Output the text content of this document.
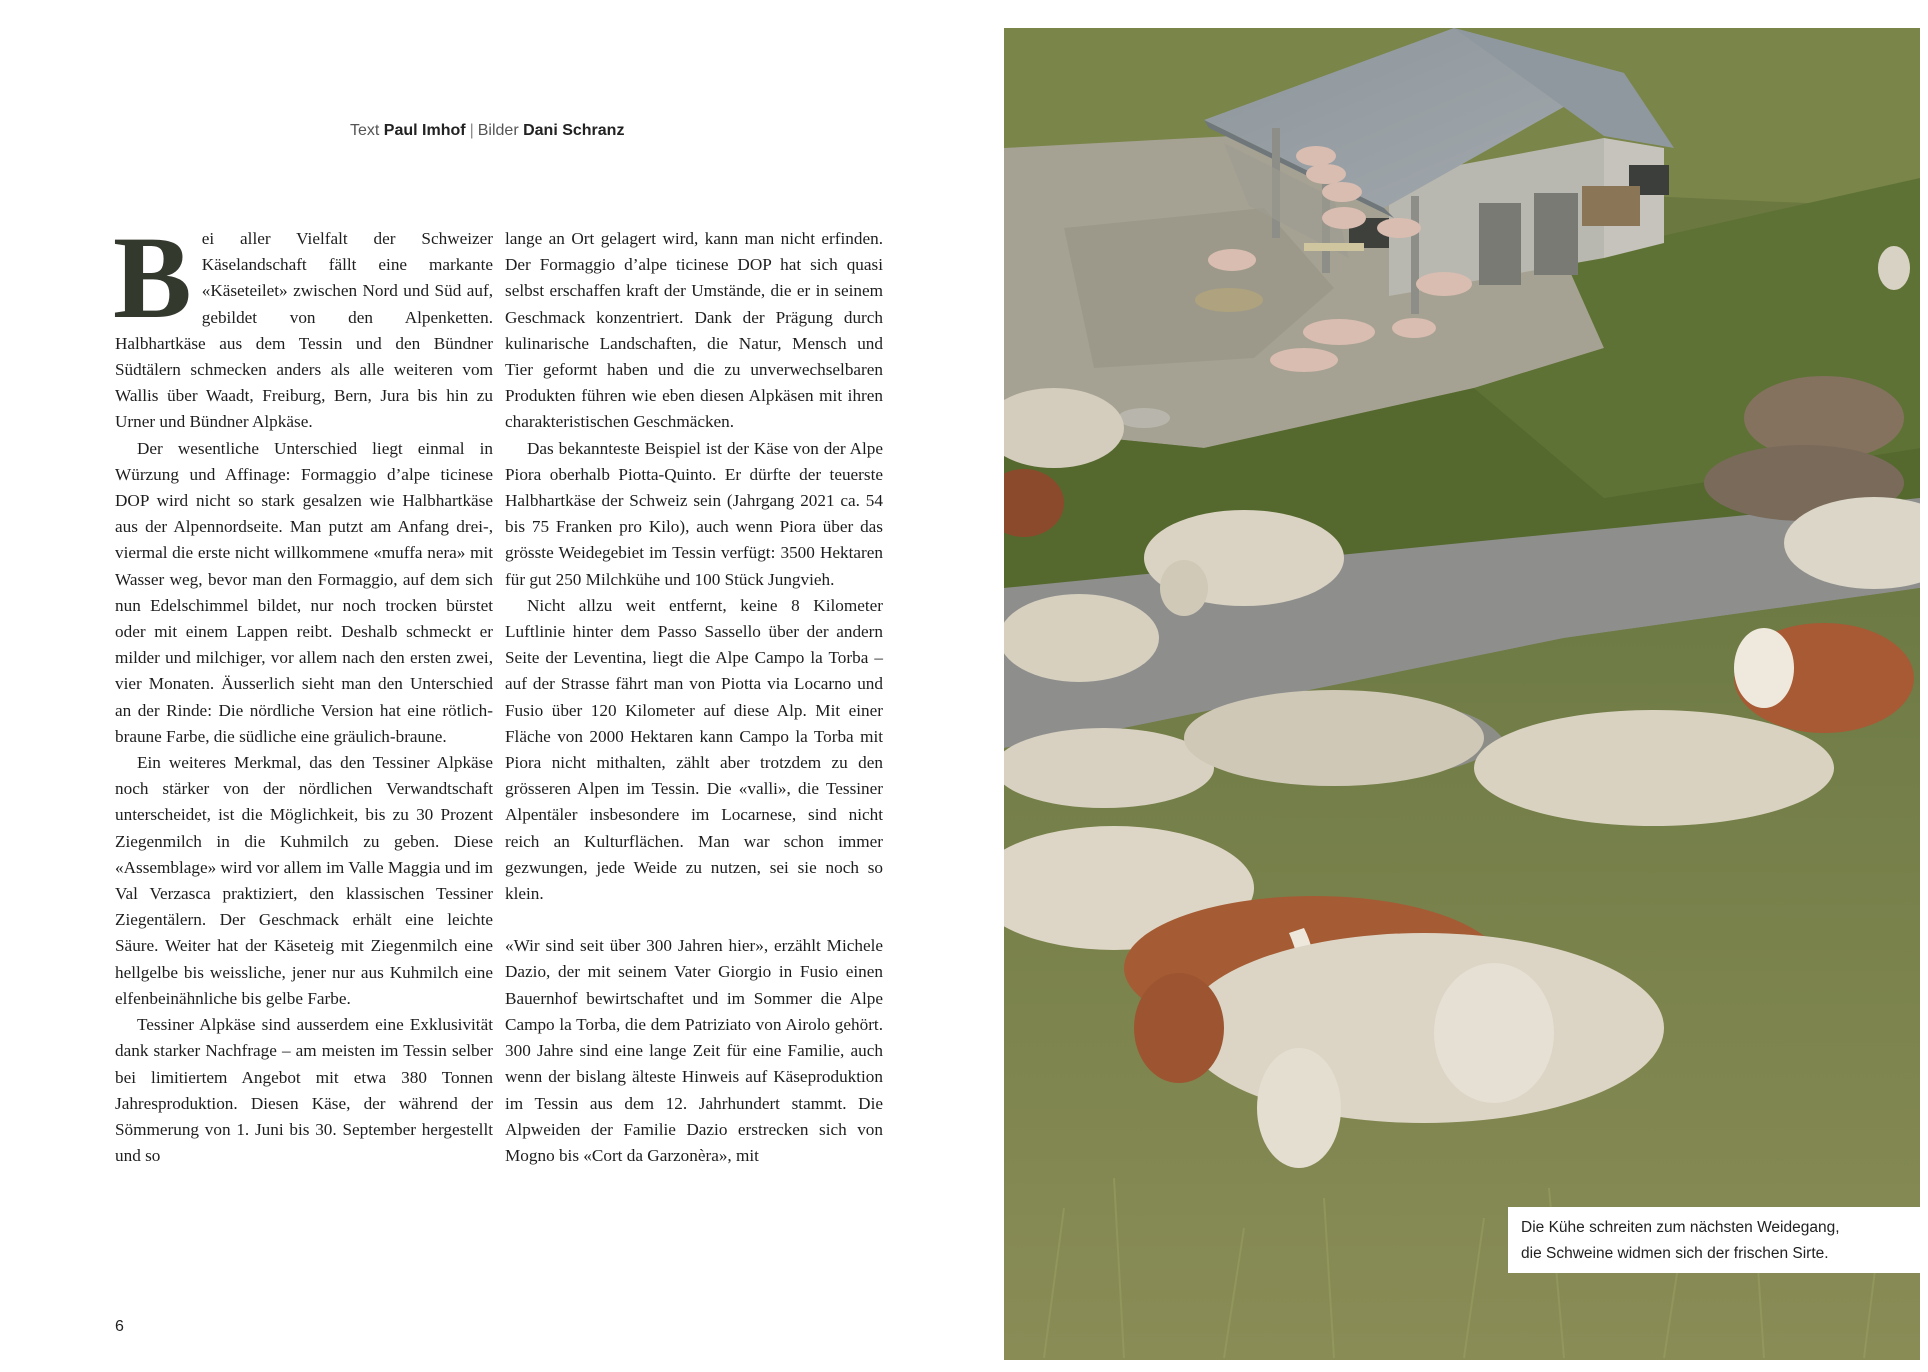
Text Paul Imhof | Bilder Dani Schranz

Bei aller Vielfalt der Schweizer Käselandschaft fällt eine markante «Käseteilet» zwischen Nord und Süd auf, gebildet von den Alpenketten. Halbhartkäse aus dem Tessin und den Bündner Südtälern schmecken anders als alle weiteren vom Wallis über Waadt, Freiburg, Bern, Jura bis hin zu Urner und Bündner Alpkäse.

Der wesentliche Unterschied liegt einmal in Würzung und Affinage: Formaggio d’alpe ticinese DOP wird nicht so stark gesalzen wie Halbhartkäse aus der Alpennordseite. Man putzt am Anfang drei-, viermal die erste nicht willkommene «muffa nera» mit Wasser weg, bevor man den Formaggio, auf dem sich nun Edelschimmel bildet, nur noch trocken bürstet oder mit einem Lappen reibt. Deshalb schmeckt er milder und milchiger, vor allem nach den ersten zwei, vier Monaten. Äusserlich sieht man den Unterschied an der Rinde: Die nördliche Version hat eine rötlich-braune Farbe, die südliche eine gräulich-braune.

Ein weiteres Merkmal, das den Tessiner Alpkäse noch stärker von der nördlichen Verwandtschaft unterscheidet, ist die Möglichkeit, bis zu 30 Prozent Ziegenmilch in die Kuhmilch zu geben. Diese «Assemblage» wird vor allem im Valle Maggia und im Val Verzasca praktiziert, den klassischen Tessiner Ziegentälern. Der Geschmack erhält eine leichte Säure. Weiter hat der Käseteig mit Ziegenmilch eine hellgelbe bis weissliche, jener nur aus Kuhmilch eine elfenbeinähnliche bis gelbe Farbe.

Tessiner Alpkäse sind ausserdem eine Exklusivität dank starker Nachfrage – am meisten im Tessin selber bei limitiertem Angebot mit etwa 380 Tonnen Jahresproduktion. Diesen Käse, der während der Sömmerung von 1. Juni bis 30. September hergestellt und so

lange an Ort gelagert wird, kann man nicht erfinden. Der Formaggio d’alpe ticinese DOP hat sich quasi selbst erschaffen kraft der Umstände, die er in seinem Geschmack konzentriert. Dank der Prägung durch kulinarische Landschaften, die Natur, Mensch und Tier geformt haben und die zu unverwechselbaren Produkten führen wie eben diesen Alpkäsen mit ihren charakteristischen Geschmäcken.

Das bekannteste Beispiel ist der Käse von der Alpe Piora oberhalb Piotta-Quinto. Er dürfte der teuerste Halbhartkäse der Schweiz sein (Jahrgang 2021 ca. 54 bis 75 Franken pro Kilo), auch wenn Piora über das grösste Weidegebiet im Tessin verfügt: 3500 Hektaren für gut 250 Milchkühe und 100 Stück Jungvieh.

Nicht allzu weit entfernt, keine 8 Kilometer Luftlinie hinter dem Passo Sassello über der andern Seite der Leventina, liegt die Alpe Campo la Torba – auf der Strasse fährt man von Piotta via Locarno und Fusio über 120 Kilometer auf diese Alp. Mit einer Fläche von 2000 Hektaren kann Campo la Torba mit Piora nicht mithalten, zählt aber trotzdem zu den grösseren Alpen im Tessin. Die «valli», die Tessiner Alpentäler insbesondere im Locarnese, sind nicht reich an Kulturflächen. Man war schon immer gezwungen, jede Weide zu nutzen, sei sie noch so klein.

«Wir sind seit über 300 Jahren hier», erzählt Michele Dazio, der mit seinem Vater Giorgio in Fusio einen Bauernhof bewirtschaftet und im Sommer die Alpe Campo la Torba, die dem Patriziato von Airolo gehört. 300 Jahre sind eine lange Zeit für eine Familie, auch wenn der bislang älteste Hinweis auf Käseproduktion im Tessin aus dem 12. Jahrhundert stammt. Die Alpweiden der Familie Dazio erstrecken sich von Mogno bis «Cort da Garzonèra», mit

6
Die Kühe schreiten zum nächsten Weidegang,
die Schweine widmen sich der frischen Sirte.
